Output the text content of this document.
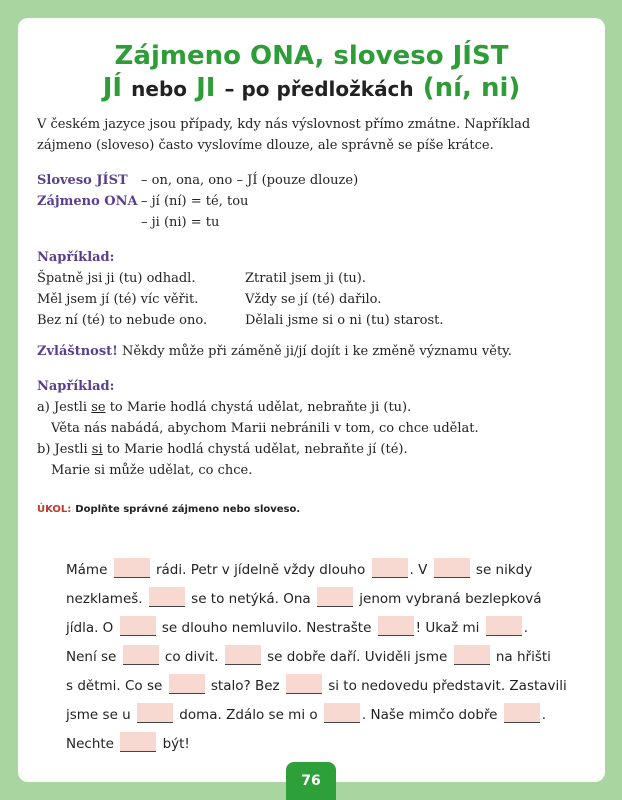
Zájmeno ONA, sloveso JÍST
JÍ nebo JI – po předložkách (ní, ni)

V českém jazyce jsou případy, kdy nás výslovnost přímo zmátne. Například zájmeno (sloveso) často vyslovíme dlouze, ale správně se píše krátce.

Sloveso JÍST	– on, ona, ono – JÍ (pouze dlouze)
Zájmeno ONA – jí (ní) = té, tou
– ji (ni) = tu
Například:
Špatně jsi ji (tu) odhadl.	Ztratil jsem ji (tu).
Měl jsem jí (té) víc věřit.	Vždy se jí (té) dařilo.
Bez ní (té) to nebude ono.	Dělali jsme si o ni (tu) starost.
Zvláštnost! Někdy může při záměně ji/jí dojít i ke změně významu věty.
Například:
a) Jestli se to Marie hodlá chystá udělat, nebraňte ji (tu).
Věta nás nabádá, abychom Marii nebránili v tom, co chce udělat.
b) Jestli si to Marie hodlá chystá udělat, nebraňte jí (té).
Marie si může udělat, co chce.
ÚKOL: Doplňte správné zájmeno nebo sloveso.
Máme	rádi. Petr v jídelně vždy dlouho	. V	se nikdy
nezklameš.	se to netýká. Ona	jenom vybraná bezlepková
jídla. O	se dlouho nemluvilo. Nestrašte	! Ukaž mi	.
Není se	co divit.	se dobře daří. Uviděli jsme	na hřišti
s dětmi. Co se	stalo? Bez	si to nedovedu představit. Zastavili
jsme se u	doma. Zdálo se mi o	. Naše mimčo dobře	.
Nechte	být!
76
